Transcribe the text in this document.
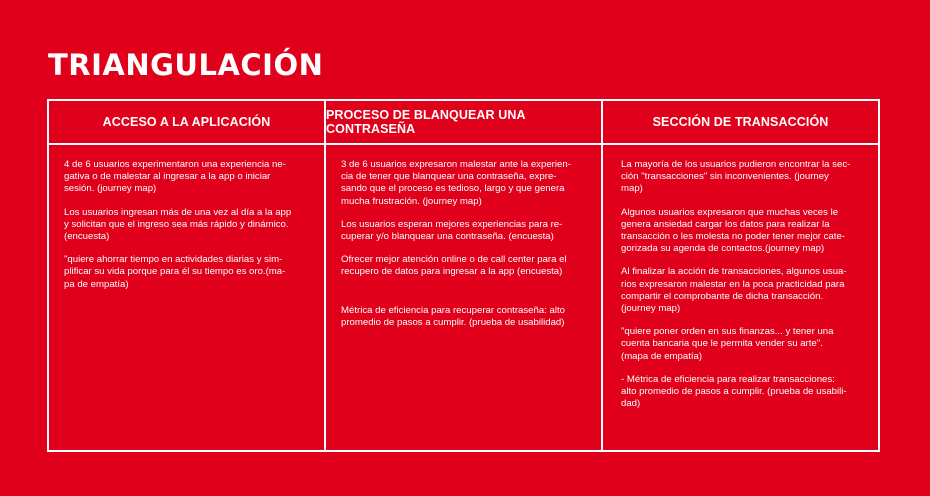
TRIANGULACIÓN
ACCESO A LA APLICACIÓN	PROCESO DE BLANQUEAR UNA CONTRASEÑA	SECCIÓN DE TRANSACCIÓN

4 de 6 usuarios experimentaron una experiencia ne-
gativa o de malestar al ingresar a la app o iniciar
sesión. (journey map)

Los usuarios ingresan más de una vez al día a la app
y solicitan que el ingreso sea más rápido y dinámico.
(encuesta)

"quiere ahorrar tiempo en actividades diarias y sim-
plificar su vida porque para él su tiempo es oro.(ma-
pa de empatía)

3 de 6 usuarios expresaron malestar ante la experien-
cia de tener que blanquear una contraseña, expre-
sando que el proceso es tedioso, largo y que genera
mucha frustración. (journey map)

Los usuarios esperan mejores experiencias para re-
cuperar y/o blanquear una contraseña. (encuesta)

Ofrecer mejor atención online o de call center para el
recupero de datos para ingresar a la app (encuesta)

Métrica de eficiencia para recuperar contraseña: alto
promedio de pasos a cumplir. (prueba de usabilidad)

La mayoría de los usuarios pudieron encontrar la sec-
ción "transacciones" sin inconvenientes. (journey
map)

Algunos usuarios expresaron que muchas veces le
genera ansiedad cargar los datos para realizar la
transacción o les molesta no poder tener mejor cate-
gorizada su agenda de contactos.(journey map)

Al finalizar la acción de transacciones, algunos usua-
rios expresaron malestar en la poca practicidad para
compartir el comprobante de dicha transacción.
(journey map)

"quiere poner orden en sus finanzas... y tener una
cuenta bancaria que le permita vender su arte".
(mapa de empatía)

- Métrica de eficiencia para realizar transacciones:
alto promedio de pasos a cumplir. (prueba de usabili-
dad)
